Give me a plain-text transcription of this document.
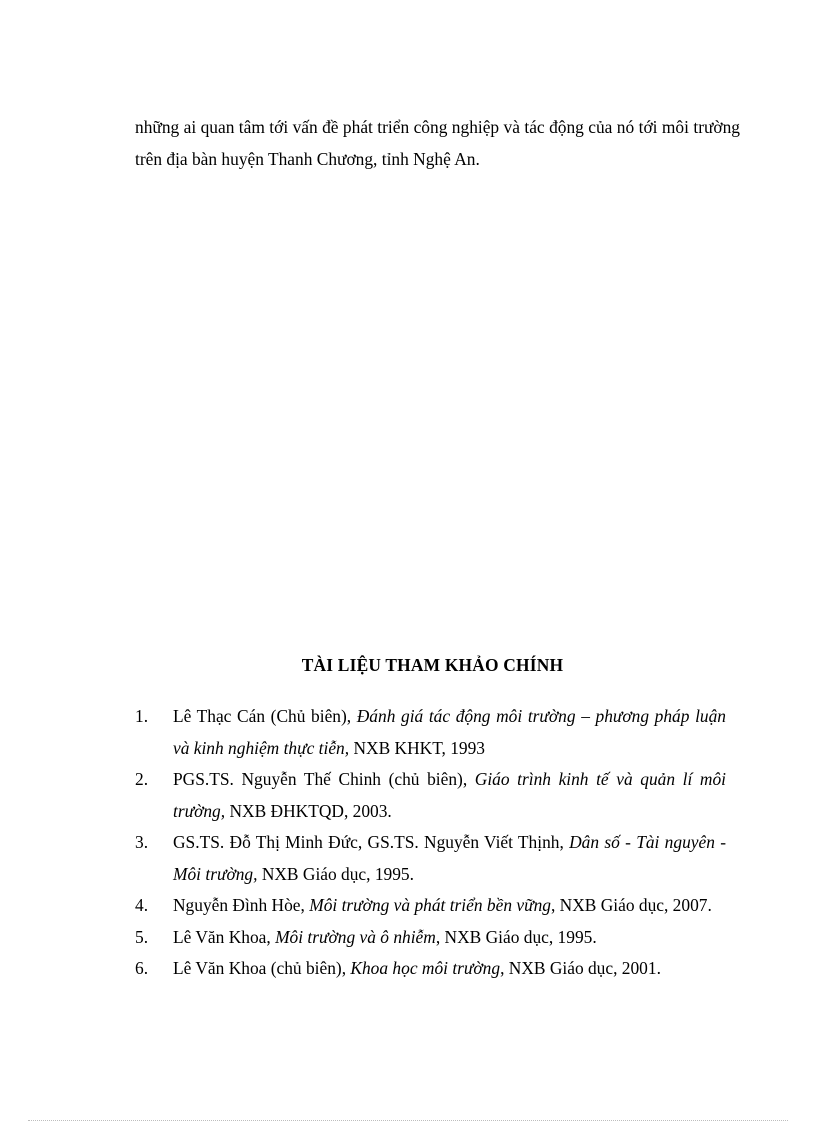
những ai quan tâm tới vấn đề phát triển công nghiệp và tác động của nó tới môi trường trên địa bàn huyện Thanh Chương, tỉnh Nghệ An.

TÀI LIỆU THAM KHẢO CHÍNH
1.	Lê Thạc Cán (Chủ biên), Đánh giá tác động môi trường – phương pháp luận và kinh nghiệm thực tiễn, NXB KHKT, 1993
2.	PGS.TS. Nguyễn Thế Chinh (chủ biên), Giáo trình kinh tế và quản lí môi trường, NXB ĐHKTQD, 2003.
3.	GS.TS. Đỗ Thị Minh Đức, GS.TS. Nguyễn Viết Thịnh, Dân số - Tài nguyên - Môi trường, NXB Giáo dục, 1995.
4.	Nguyễn Đình Hòe, Môi trường và phát triển bền vững, NXB Giáo dục, 2007.
5.	Lê Văn Khoa, Môi trường và ô nhiễm, NXB Giáo dục, 1995.
6.	Lê Văn Khoa (chủ biên), Khoa học môi trường, NXB Giáo dục, 2001.
